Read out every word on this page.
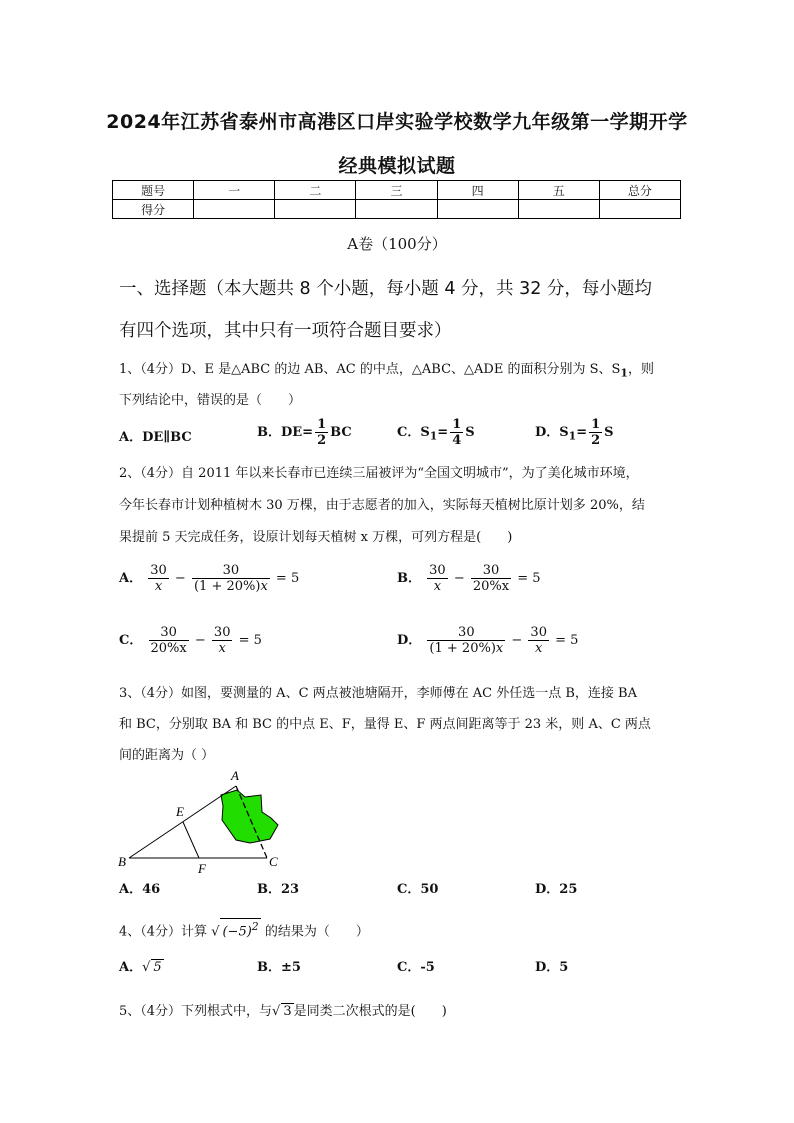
2024年江苏省泰州市高港区口岸实验学校数学九年级第一学期开学
经典模拟试题
题号	一	二	三	四	五	总分
得分						
A卷（100分）
一、选择题（本大题共 8 个小题，每小题 4 分，共 32 分，每小题均
有四个选项，其中只有一项符合题目要求）
1、（4分）D、E 是△ABC 的边 AB、AC 的中点，△ABC、△ADE 的面积分别为 S、$S_1$，则
下列结论中，错误的是（　　）
A．DE∥BC	B．$DE= \frac{1}{2}$ BC	C．$S_1= \frac{1}{4}$ S	D．$S_1= \frac{1}{2}$ S
2、（4分）自 2011 年以来长春市已连续三届被评为“全国文明城市”，为了美化城市环境，
今年长春市计划种植树木 30 万棵，由于志愿者的加入，实际每天植树比原计划多 20%，结
果提前 5 天完成任务，设原计划每天植树 x 万棵，可列方程是(　　)
A． $\frac{30}{x} - \frac{30}{(1 + 20\%)x} = 5$	B． $\frac{30}{x} - \frac{30}{20\%x} = 5$
C． $\frac{30}{20\%x} - \frac{30}{x} = 5$	D． $\frac{30}{(1 + 20\%)x} - \frac{30}{x} = 5$
3、（4分）如图，要测量的 A、C 两点被池塘隔开，李师傅在 AC 外任选一点 B，连接 BA
和 BC，分别取 BA 和 BC 的中点 E、F，量得 E、F 两点间距离等于 23 米，则 A、C 两点
间的距离为（ ）
A
E
B	F	C
A．46	B．23	C．50	D．25
4、（4分）计算 √ $(-5)^2$ 的结果为（　　）
A．√ 5	B．±5	C．-5	D．5
5、（4分）下列根式中，与√ 3 是同类二次根式的是(　　)
